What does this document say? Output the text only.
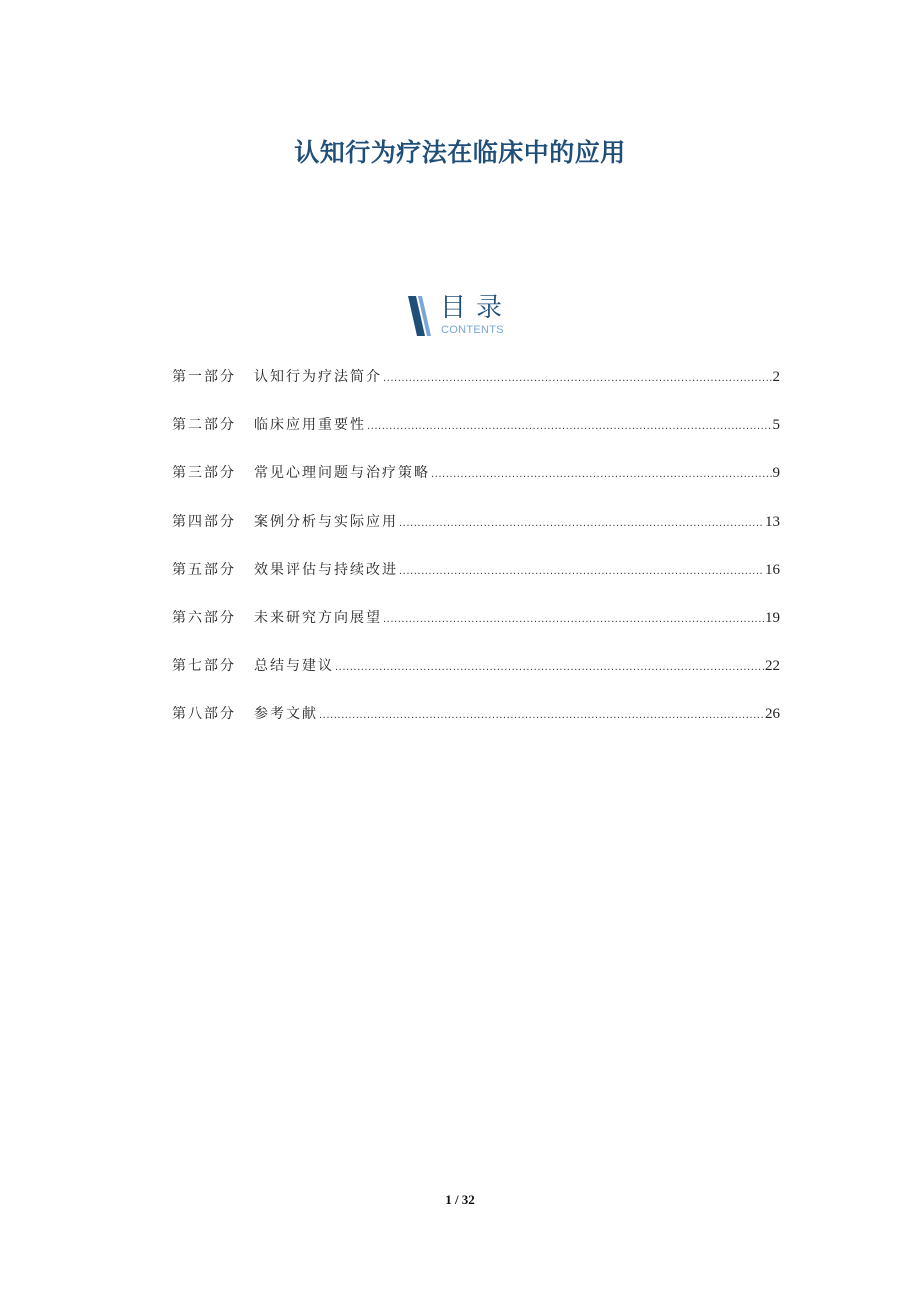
认知行为疗法在临床中的应用
目录
CONTENTS
第一部分	认知行为疗法简介 .....	2
第二部分	临床应用重要性 .....	5
第三部分	常见心理问题与治疗策略 .....	9
第四部分	案例分析与实际应用 .....	13
第五部分	效果评估与持续改进 .....	16
第六部分	未来研究方向展望 .....	19
第七部分	总结与建议 .....	22
第八部分	参考文献 .....	26
1 / 32
